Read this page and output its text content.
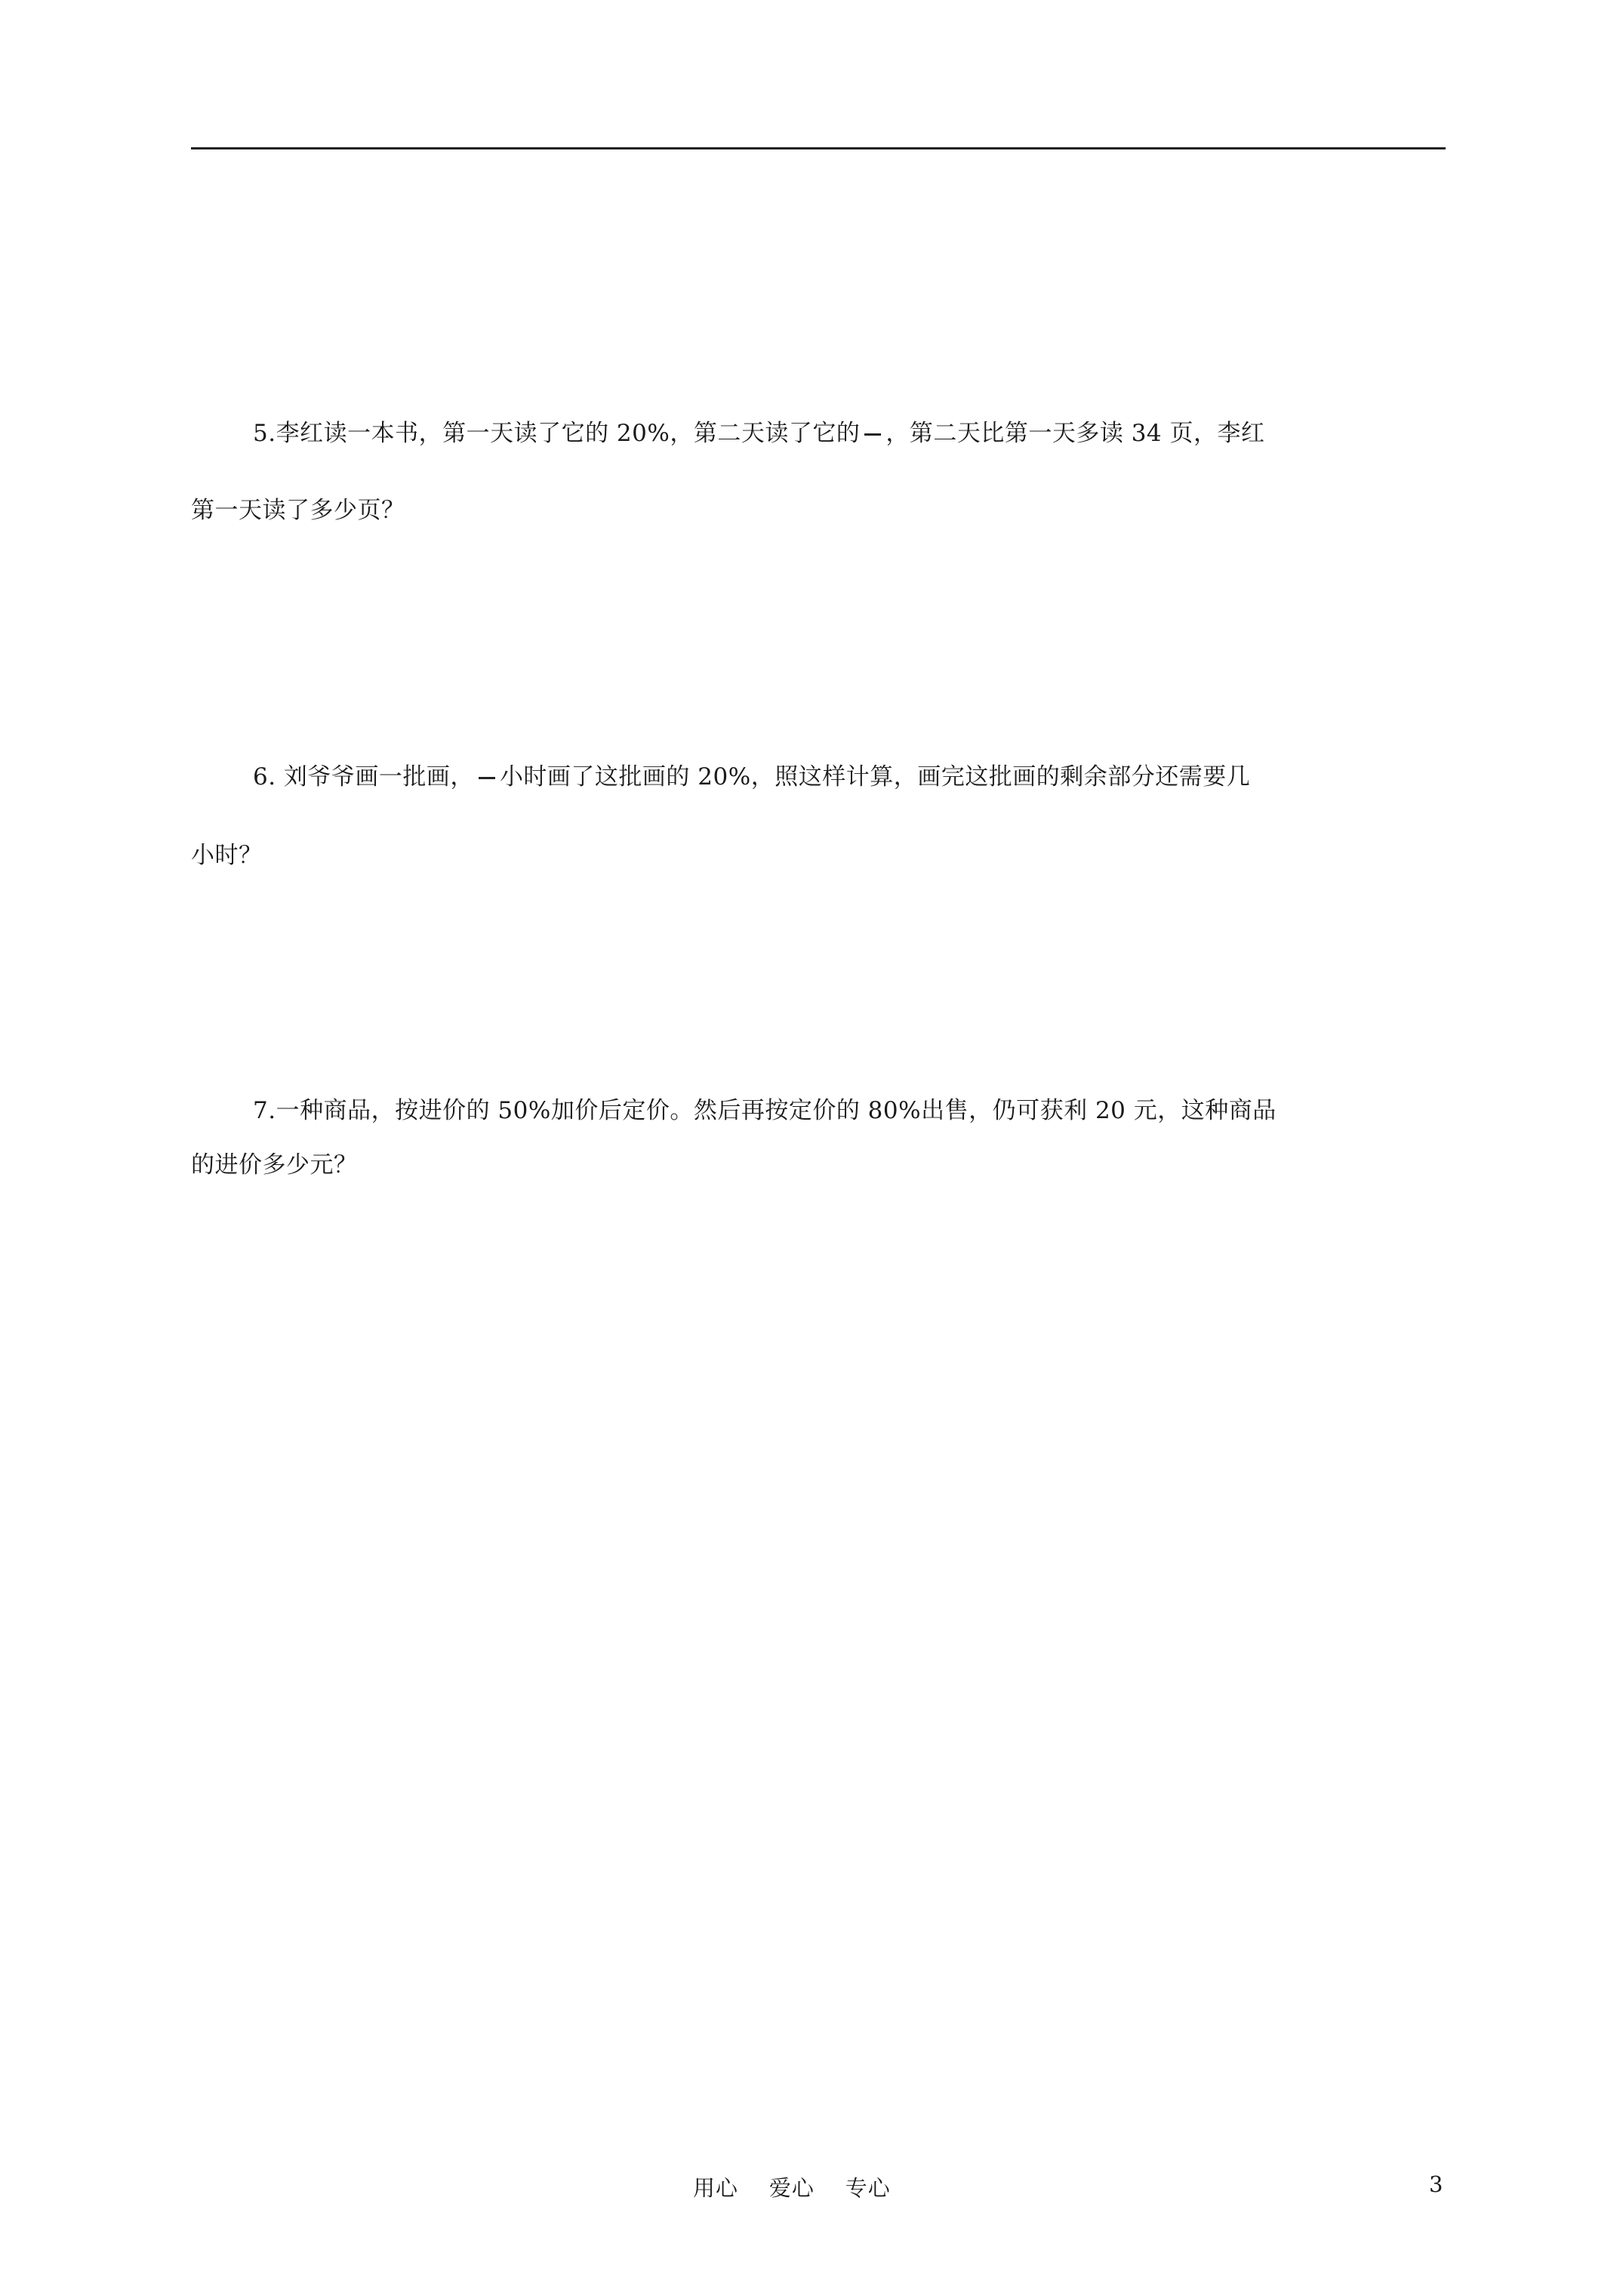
5.李红读一本书，第一天读了它的 20%，第二天读了它的 ，第二天比第一天多读 34 页，李红
第一天读了多少页？
6. 刘爷爷画一批画， 小时画了这批画的 20%，照这样计算，画完这批画的剩余部分还需要几
小时？
7.一种商品，按进价的 50%加价后定价。然后再按定价的 80%出售，仍可获利 20 元，这种商品
的进价多少元？
用心    爱心    专心	3
